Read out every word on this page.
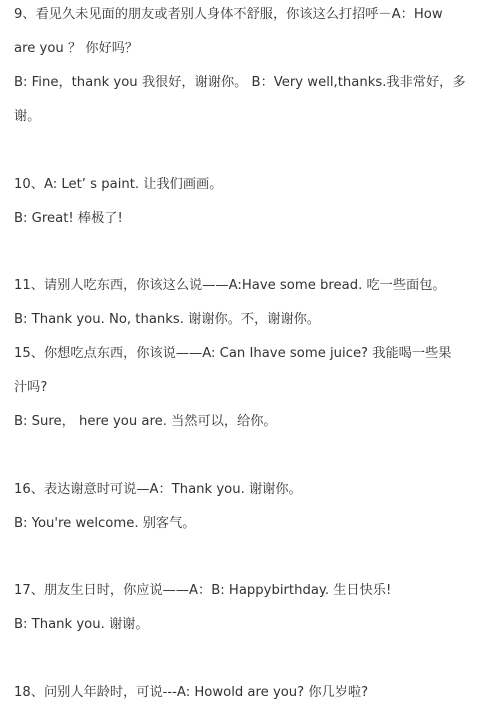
9、看见久未见面的朋友或者别人身体不舒服，你该这么打招呼－A：How
are you ？ 你好吗？
B: Fine，thank you 我很好，谢谢你。 B：Very well,thanks.我非常好，多
谢。
10、A: Let’ s paint. 让我们画画。
B: Great! 棒极了!
11、请别人吃东西，你该这么说——A:Have some bread. 吃一些面包。
B: Thank you. No, thanks. 谢谢你。不，谢谢你。
15、你想吃点东西，你该说——A: Can Ihave some juice? 我能喝一些果
汁吗?
B: Sure， here you are. 当然可以，给你。
16、表达谢意时可说—A：Thank you. 谢谢你。
B: You're welcome. 别客气。
17、朋友生日时，你应说——A：B: Happybirthday. 生日快乐!
B: Thank you. 谢谢。
18、问别人年龄时，可说---A: Howold are you? 你几岁啦?
